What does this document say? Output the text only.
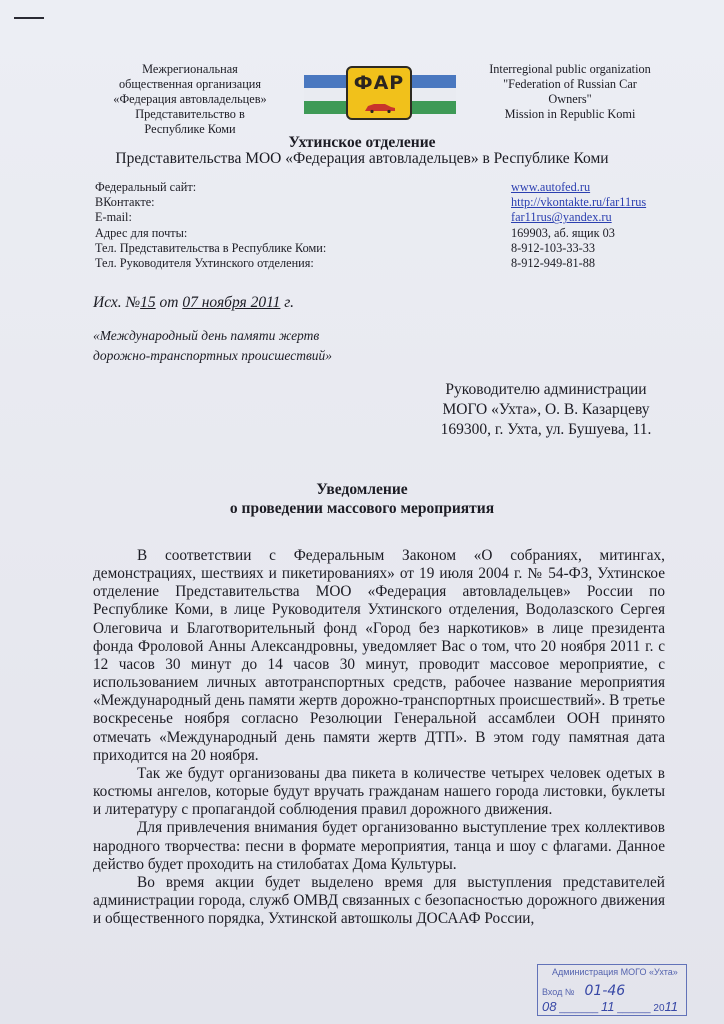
Межрегиональная
общественная организация
«Федерация автовладельцев»
Представительство в
Республике Коми
ФАР
Interregional public organization
"Federation of Russian Car
Owners"
Mission in Republic Komi
Ухтинское отделение
Представительства МОО «Федерация автовладельцев» в Республике Коми
Федеральный сайт:	www.autofed.ru
ВКонтакте:	http://vkontakte.ru/far11rus
E-mail:	far11rus@yandex.ru
Адрес для почты:	169903, аб. ящик 03
Тел. Представительства в Республике Коми:	8-912-103-33-33
Тел. Руководителя Ухтинского отделения:	8-912-949-81-88
Исх. №15 от 07 ноября 2011 г.
«Международный день памяти жертв
дорожно-транспортных происшествий»
Руководителю администрации
МОГО «Ухта», О. В. Казарцеву
169300, г. Ухта, ул. Бушуева, 11.
Уведомление
о проведении массового мероприятия

В соответствии с Федеральным Законом «О собраниях, митингах, демонстрациях, шествиях и пикетированиях» от 19 июля 2004 г. № 54-ФЗ, Ухтинское отделение Представительства МОО «Федерация автовладельцев» России по Республике Коми, в лице Руководителя Ухтинского отделения, Водолазского Сергея Олеговича и Благотворительный фонд «Город без наркотиков» в лице президента фонда Фроловой Анны Александровны, уведомляет Вас о том, что 20 ноября 2011 г. с 12 часов 30 минут до 14 часов 30 минут, проводит массовое мероприятие, с использованием личных автотранспортных средств, рабочее название мероприятия «Международный день памяти жертв дорожно-транспортных происшествий». В третье воскресенье ноября согласно Резолюции Генеральной ассамблеи ООН принято отмечать «Международный день памяти жертв ДТП». В этом году памятная дата приходится на 20 ноября.

Так же будут организованы два пикета в количестве четырех человек одетых в костюмы ангелов, которые будут вручать гражданам нашего города листовки, буклеты и литературу с пропагандой соблюдения правил дорожного движения.

Для привлечения внимания будет организованно выступление трех коллективов народного творчества: песни в формате мероприятия, танца и шоу с флагами. Данное действо будет проходить на стилобатах Дома Культуры.

Во время акции будет выделено время для выступления представителей администрации города, служб ОМВД связанных с безопасностью дорожного движения и общественного порядка, Ухтинской автошколы ДОСААФ России,

Администрация МОГО «Ухта»
Вход № 01-46
08 _______ 11 ______ 2011
